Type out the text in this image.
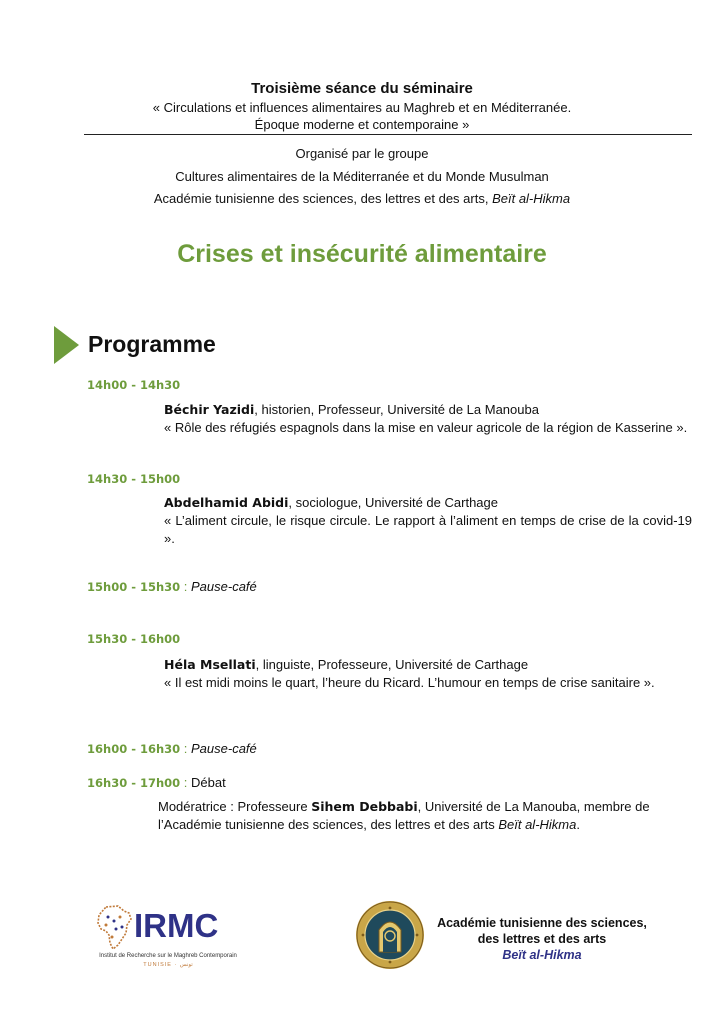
Troisième séance du séminaire
« Circulations et influences alimentaires au Maghreb et en Méditerranée.
Époque moderne et contemporaine »
Organisé par le groupe
Cultures alimentaires de la Méditerranée et du Monde Musulman
Académie tunisienne des sciences, des lettres et des arts, Beït al-Hikma
Crises et insécurité alimentaire
Programme
14h00 - 14h30
Béchir Yazidi, historien, Professeur, Université de La Manouba
« Rôle des réfugiés espagnols dans la mise en valeur agricole de la région de Kasserine ».
14h30 - 15h00
Abdelhamid Abidi, sociologue, Université de Carthage
« L’aliment circule, le risque circule. Le rapport à l’aliment en temps de crise de la covid-19 ».
15h00 - 15h30 : Pause-café
15h30 - 16h00
Héla Msellati, linguiste, Professeure, Université de Carthage
« Il est midi moins le quart, l’heure du Ricard. L’humour en temps de crise sanitaire ».
16h00 - 16h30 : Pause-café
16h30 - 17h00 : Débat
Modératrice : Professeure Sihem Debbabi, Université de La Manouba, membre de l’Académie tunisienne des sciences, des lettres et des arts Beït al-Hikma.
IRMC
Institut de Recherche sur le Maghreb Contemporain
TUNISIE · تونس
Académie tunisienne des sciences,
des lettres et des arts
Beït al-Hikma
